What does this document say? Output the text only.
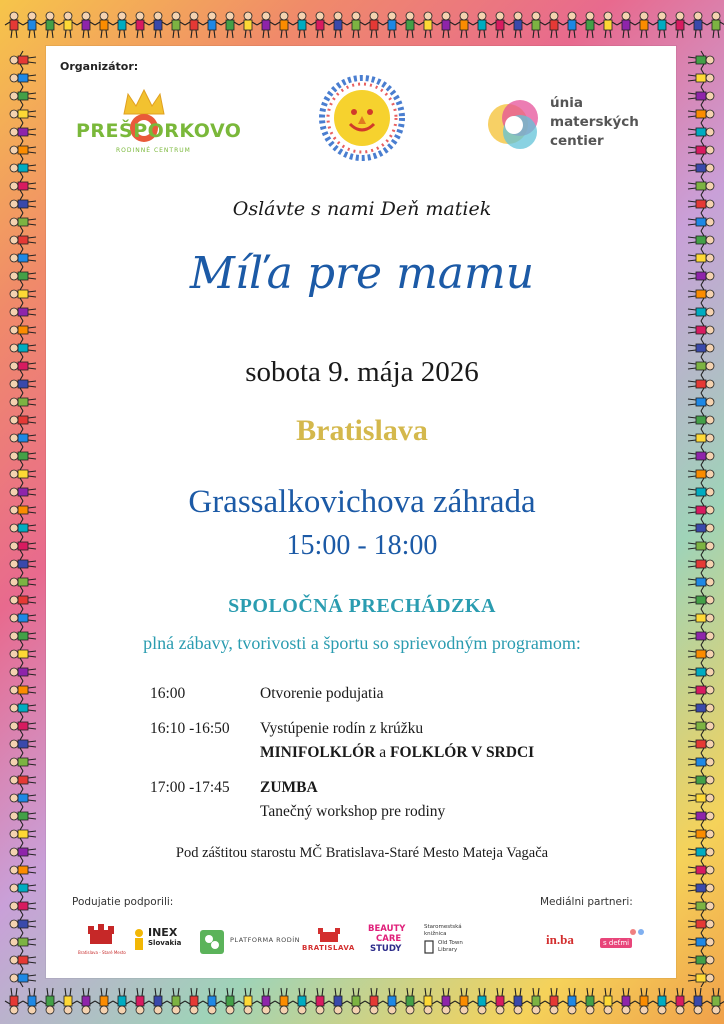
Organizátor:
PREŠPORKOVO
RODINNÉ CENTRUM
únia
materských
centier
Oslávte s nami Deň matiek
Míľa pre mamu
sobota 9. mája 2026
Bratislava
Grassalkovichova záhrada
15:00 - 18:00
SPOLOČNÁ PRECHÁDZKA
plná zábavy, tvorivosti a športu so sprievodným programom:
16:00	Otvorenie podujatia
16:10 -16:50 Vystúpenie rodín z krúžku
MINIFOLKLÓR a FOLKLÓR V SRDCI
17:00 -17:45 ZUMBA
Tanečný workshop pre rodiny
Pod záštitou starostu MČ Bratislava-Staré Mesto Mateja Vagača
Podujatie podporili:	Mediálni partneri:
Bratislava - Staré Mesto
INEX
Slovakia	PLATFORMA RODÍN
BRATISLAVA
BEAUTY
CARE
STUDY
Staromestská
knižnica
Old Town
Library
in.ba	s deťmi
